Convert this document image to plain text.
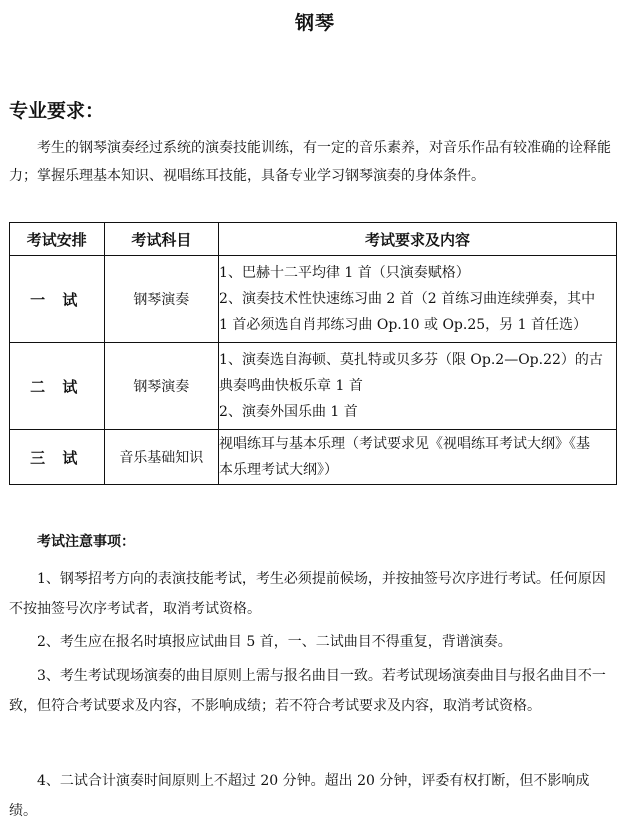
钢琴
专业要求：
考生的钢琴演奏经过系统的演奏技能训练，有一定的音乐素养，对音乐作品有较准确的诠释能力；掌握乐理基本知识、视唱练耳技能，具备专业学习钢琴演奏的身体条件。
考试安排	考试科目	考试要求及内容
一 试	钢琴演奏	1、巴赫十二平均律 1 首（只演奏赋格）
2、演奏技术性快速练习曲 2 首（2 首练习曲连续弹奏，其中
1 首必须选自肖邦练习曲 Op.10 或 Op.25，另 1 首任选）

二 试	钢琴演奏	1、演奏选自海顿、莫扎特或贝多芬（限 Op.2—Op.22）的古
典奏鸣曲快板乐章 1 首
2、演奏外国乐曲 1 首

三 试	音乐基础知识	视唱练耳与基本乐理（考试要求见《视唱练耳考试大纲》《基
本乐理考试大纲》）
考试注意事项：
1、钢琴招考方向的表演技能考试，考生必须提前候场，并按抽签号次序进行考试。任何原因不按抽签号次序考试者，取消考试资格。
2、考生应在报名时填报应试曲目 5 首，一、二试曲目不得重复，背谱演奏。
3、考生考试现场演奏的曲目原则上需与报名曲目一致。若考试现场演奏曲目与报名曲目不一致，但符合考试要求及内容，不影响成绩；若不符合考试要求及内容，取消考试资格。
4、二试合计演奏时间原则上不超过 20 分钟。超出 20 分钟，评委有权打断，但不影响成绩。
